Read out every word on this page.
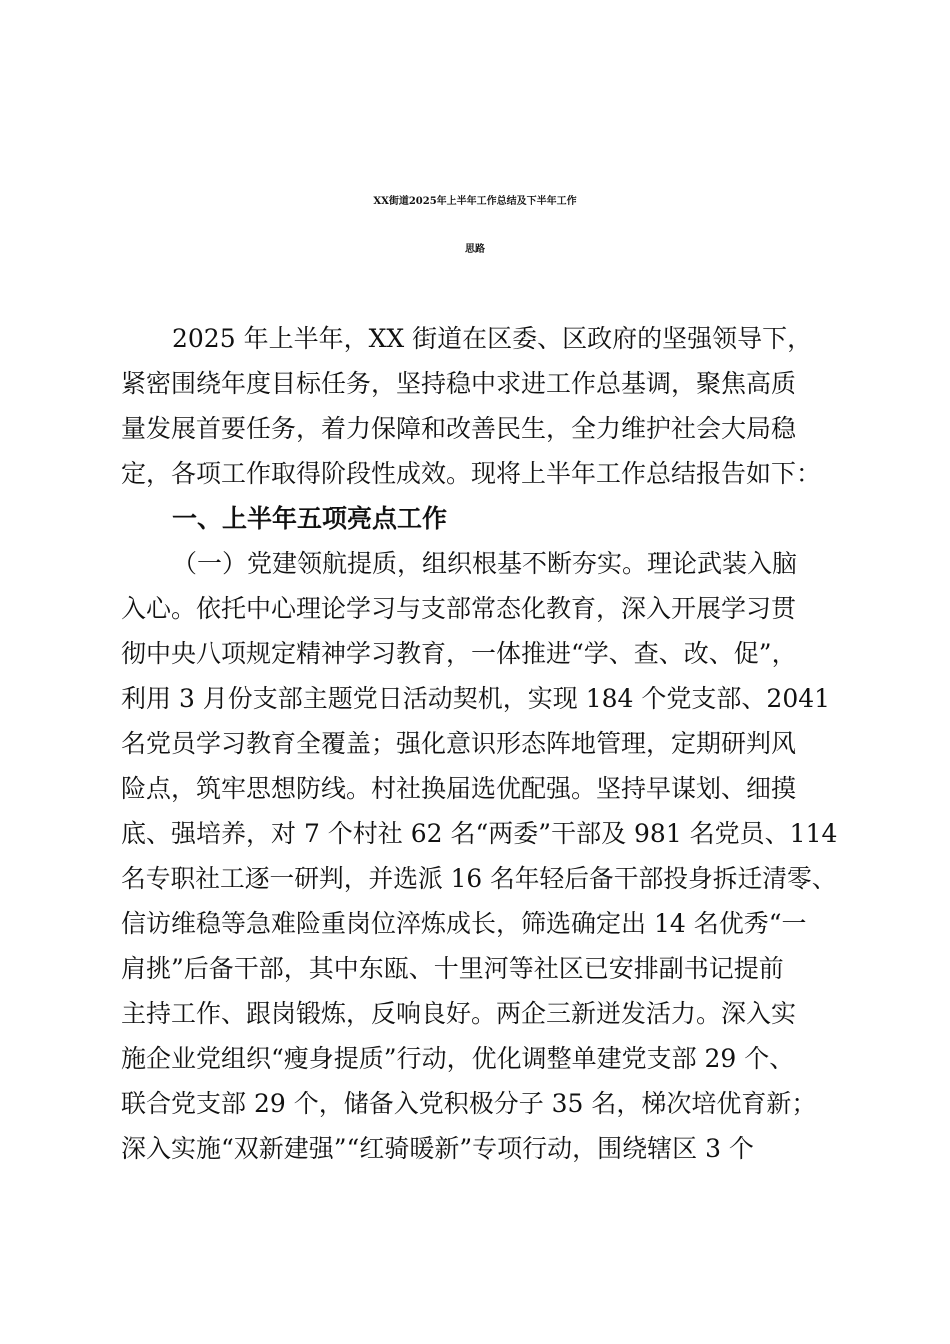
XX街道2025年上半年工作总结及下半年工作
思路

2025 年上半年，XX 街道在区委、区政府的坚强领导下，

紧密围绕年度目标任务，坚持稳中求进工作总基调，聚焦高质

量发展首要任务，着力保障和改善民生，全力维护社会大局稳

定，各项工作取得阶段性成效。现将上半年工作总结报告如下：

一、上半年五项亮点工作

（一）党建领航提质，组织根基不断夯实。理论武装入脑

入心。依托中心理论学习与支部常态化教育，深入开展学习贯

彻中央八项规定精神学习教育，一体推进“学、查、改、促”，

利用 3 月份支部主题党日活动契机，实现 184 个党支部、2041

名党员学习教育全覆盖；强化意识形态阵地管理，定期研判风

险点，筑牢思想防线。村社换届选优配强。坚持早谋划、细摸

底、强培养，对 7 个村社 62 名“两委”干部及 981 名党员、114

名专职社工逐一研判，并选派 16 名年轻后备干部投身拆迁清零、

信访维稳等急难险重岗位淬炼成长，筛选确定出 14 名优秀“一

肩挑”后备干部，其中东瓯、十里河等社区已安排副书记提前

主持工作、跟岗锻炼，反响良好。两企三新迸发活力。深入实

施企业党组织“瘦身提质”行动，优化调整单建党支部 29 个、

联合党支部 29 个，储备入党积极分子 35 名，梯次培优育新；

深入实施“双新建强”“红骑暖新”专项行动，围绕辖区 3 个
